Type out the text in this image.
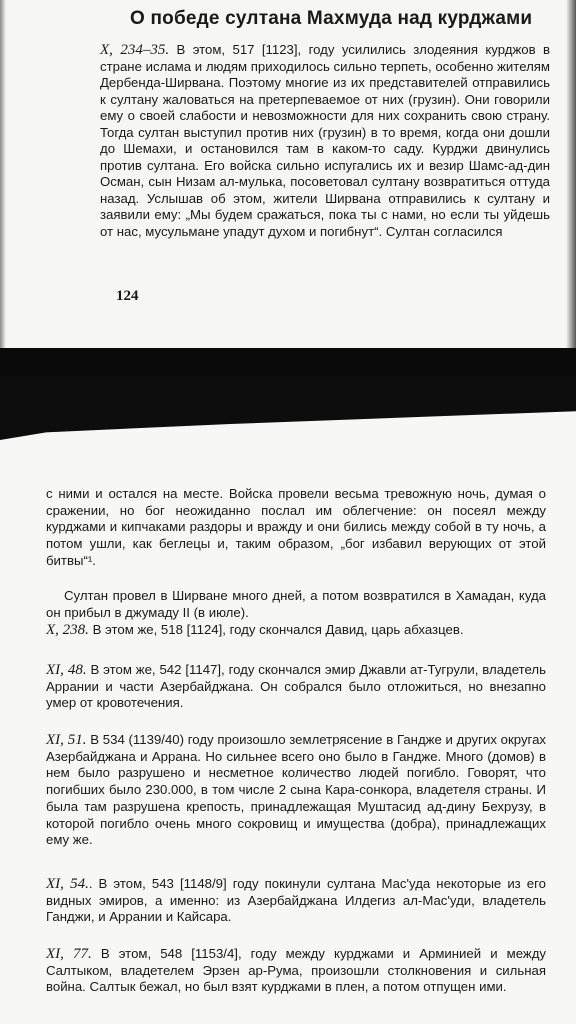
О победе султана Махмуда над курджами
X, 234–35. В этом, 517 [1123], году усилились злодеяния курджов в стране ислама и людям приходилось сильно терпеть, особенно жителям Дербенда-Ширвана. Поэтому многие из их представителей отправились к султану жаловаться на претерпеваемое от них (грузин). Они говорили ему о своей слабости и невозможности для них сохранить свою страну. Тогда султан выступил против них (грузин) в то время, когда они дошли до Шемахи, и остановился там в каком-то саду. Курджи двинулись против султана. Его войска сильно испугались их и везир Шамс-ад-дин Осман, сын Низам ал-мулька, посоветовал султану возвратиться оттуда назад. Услышав об этом, жители Ширвана отправились к султану и заявили ему: „Мы будем сражаться, пока ты с нами, но если ты уйдешь от нас, мусульмане упадут духом и погибнут“. Султан согласился
124
с ними и остался на месте. Войска провели весьма тревожную ночь, думая о сражении, но бог неожиданно послал им облегчение: он посеял между курджами и кипчаками раздоры и вражду и они бились между собой в ту ночь, а потом ушли, как беглецы и, таким образом, „бог избавил верующих от этой битвы“¹.
Султан провел в Ширване много дней, а потом возвратился в Хамадан, куда он прибыл в джумаду II (в июле).
X, 238. В этом же, 518 [1124], году скончался Давид, царь абхазцев.
XI, 48. В этом же, 542 [1147], году скончался эмир Джавли ат-Тугрули, владетель Аррании и части Азербайджана. Он собрался было отложиться, но внезапно умер от кровотечения.
XI, 51. В 534 (1139/40) году произошло землетрясение в Гандже и других округах Азербайджана и Аррана. Но сильнее всего оно было в Гандже. Много (домов) в нем было разрушено и несметное количество людей погибло. Говорят, что погибших было 230.000, в том числе 2 сына Кара-сонкора, владетеля страны. И была там разрушена крепость, принадлежащая Муштасид ад-дину Бехрузу, в которой погибло очень много сокровищ и имущества (добра), принадлежащих ему же.
XI, 54.. В этом, 543 [1148/9] году покинули султана Мас'уда некоторые из его видных эмиров, а именно: из Азербайджана Илдегиз ал-Мас'уди, владетель Ганджи, и Аррании и Кайсара.
XI, 77. В этом, 548 [1153/4], году между курджами и Арминией и между Салтыком, владетелем Эрзен ар-Рума, произошли столкновения и сильная война. Салтык бежал, но был взят курджами в плен, а потом отпущен ими.
